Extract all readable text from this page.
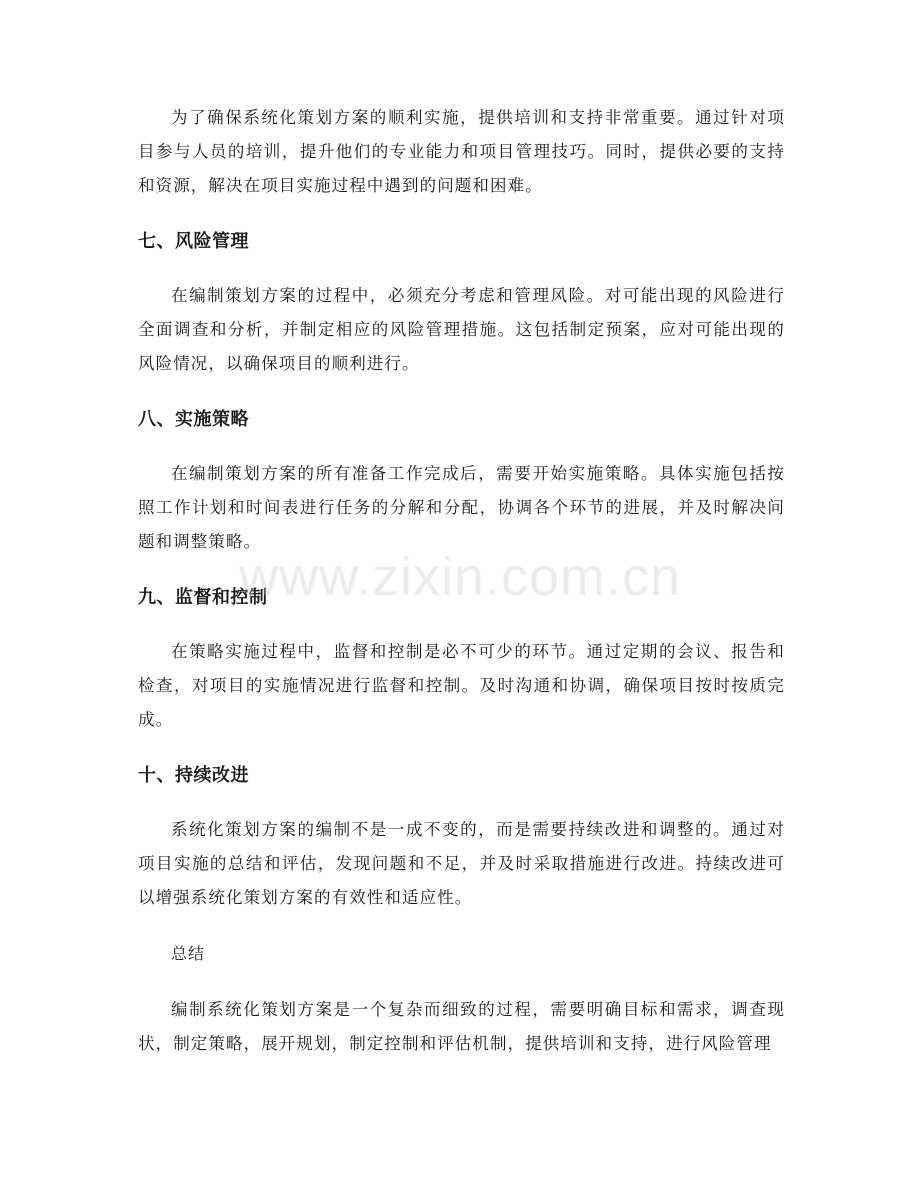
为了确保系统化策划方案的顺利实施，提供培训和支持非常重要。通过针对项目参与人员的培训，提升他们的专业能力和项目管理技巧。同时，提供必要的支持和资源，解决在项目实施过程中遇到的问题和困难。

七、风险管理

在编制策划方案的过程中，必须充分考虑和管理风险。对可能出现的风险进行全面调查和分析，并制定相应的风险管理措施。这包括制定预案，应对可能出现的风险情况，以确保项目的顺利进行。

八、实施策略

在编制策划方案的所有准备工作完成后，需要开始实施策略。具体实施包括按照工作计划和时间表进行任务的分解和分配，协调各个环节的进展，并及时解决问题和调整策略。

九、监督和控制

在策略实施过程中，监督和控制是必不可少的环节。通过定期的会议、报告和检查，对项目的实施情况进行监督和控制。及时沟通和协调，确保项目按时按质完成。

十、持续改进

系统化策划方案的编制不是一成不变的，而是需要持续改进和调整的。通过对项目实施的总结和评估，发现问题和不足，并及时采取措施进行改进。持续改进可以增强系统化策划方案的有效性和适应性。

总结

编制系统化策划方案是一个复杂而细致的过程，需要明确目标和需求，调查现状，制定策略，展开规划，制定控制和评估机制，提供培训和支持，进行风险管理

www.zixin.com.cn
